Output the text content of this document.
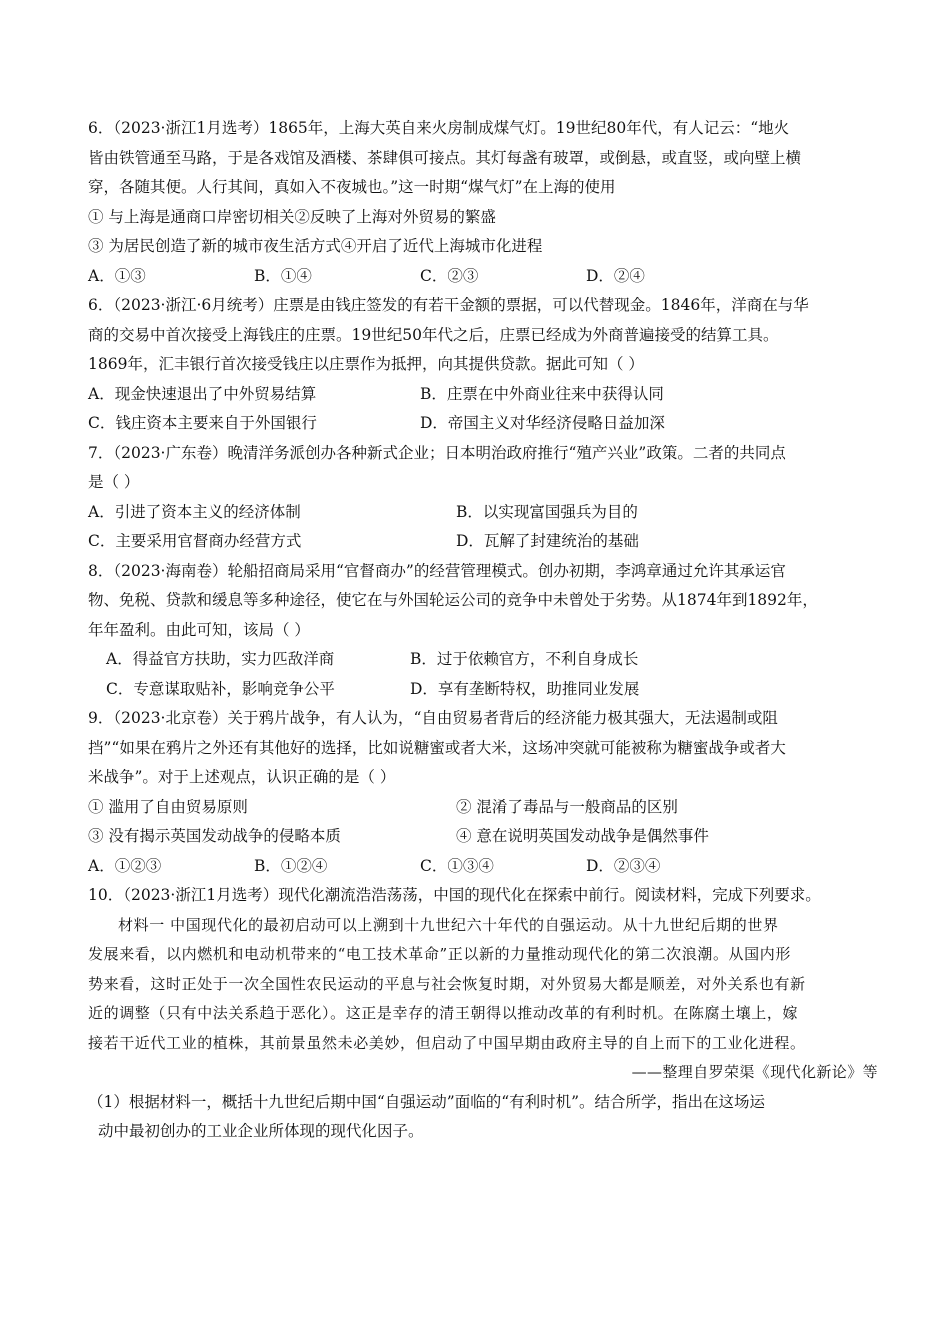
6．（2023·浙江1月选考）1865年，上海大英自来火房制成煤气灯。19世纪80年代，有人记云：“地火
皆由铁管通至马路，于是各戏馆及酒楼、茶肆俱可接点。其灯每盏有玻罩，或倒悬，或直竖，或向壁上横
穿，各随其便。人行其间，真如入不夜城也。”这一时期“煤气灯”在上海的使用
① 与上海是通商口岸密切相关②反映了上海对外贸易的繁盛
③ 为居民创造了新的城市夜生活方式④开启了近代上海城市化进程
A．①③	B．①④	C．②③	D．②④
6．（2023·浙江·6月统考）庄票是由钱庄签发的有若干金额的票据，可以代替现金。1846年，洋商在与华
商的交易中首次接受上海钱庄的庄票。19世纪50年代之后，庄票已经成为外商普遍接受的结算工具。
1869年，汇丰银行首次接受钱庄以庄票作为抵押，向其提供贷款。据此可知（ ）
A．现金快速退出了中外贸易结算	B．庄票在中外商业往来中获得认同
C．钱庄资本主要来自于外国银行	D．帝国主义对华经济侵略日益加深
7．（2023·广东卷）晚清洋务派创办各种新式企业；日本明治政府推行“殖产兴业”政策。二者的共同点
是（ ）
A．引进了资本主义的经济体制	B．以实现富国强兵为目的
C．主要采用官督商办经营方式	D．瓦解了封建统治的基础
8．（2023·海南卷）轮船招商局采用“官督商办”的经营管理模式。创办初期，李鸿章通过允许其承运官
物、免税、贷款和缓息等多种途径，使它在与外国轮运公司的竞争中未曾处于劣势。从1874年到1892年，
年年盈利。由此可知，该局（ ）
A．得益官方扶助，实力匹敌洋商	B．过于依赖官方，不利自身成长
C．专意谋取贴补，影响竞争公平	D．享有垄断特权，助推同业发展
9．（2023·北京卷）关于鸦片战争，有人认为，“自由贸易者背后的经济能力极其强大，无法遏制或阻
挡”“如果在鸦片之外还有其他好的选择，比如说糖蜜或者大米，这场冲突就可能被称为糖蜜战争或者大
米战争”。对于上述观点，认识正确的是（ ）
① 滥用了自由贸易原则	② 混淆了毒品与一般商品的区别
③ 没有揭示英国发动战争的侵略本质	④ 意在说明英国发动战争是偶然事件
A．①②③	B．①②④	C．①③④	D．②③④
10．（2023·浙江1月选考）现代化潮流浩浩荡荡，中国的现代化在探索中前行。阅读材料，完成下列要求。
材料一 中国现代化的最初启动可以上溯到十九世纪六十年代的自强运动。从十九世纪后期的世界
发展来看，以内燃机和电动机带来的“电工技术革命”正以新的力量推动现代化的第二次浪潮。从国内形
势来看，这时正处于一次全国性农民运动的平息与社会恢复时期，对外贸易大都是顺差，对外关系也有新
近的调整（只有中法关系趋于恶化）。这正是幸存的清王朝得以推动改革的有利时机。在陈腐土壤上，嫁
接若干近代工业的植株，其前景虽然未必美妙，但启动了中国早期由政府主导的自上而下的工业化进程。
——整理自罗荣渠《现代化新论》等
（1）根据材料一，概括十九世纪后期中国“自强运动”面临的“有利时机”。结合所学，指出在这场运
动中最初创办的工业企业所体现的现代化因子。
